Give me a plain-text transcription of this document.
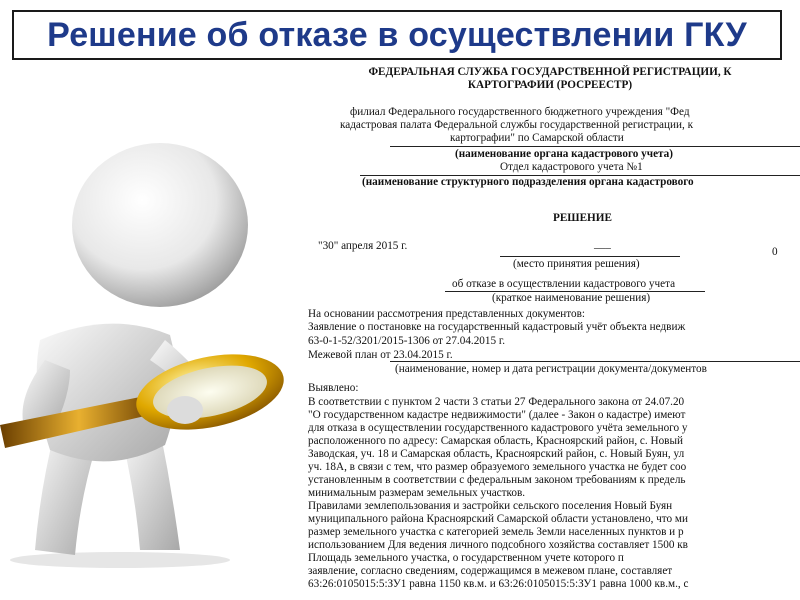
Решение об отказе в осуществлении ГКУ
ФЕДЕРАЛЬНАЯ СЛУЖБА ГОСУДАРСТВЕННОЙ РЕГИСТРАЦИИ, К
КАРТОГРАФИИ (РОСРЕЕСТР)
филиал Федерального государственного бюджетного учреждения "Фед
кадастровая палата Федеральной службы государственной регистрации, к
картографии" по Самарской области
(наименование органа кадастрового учета)
Отдел кадастрового учета №1
(наименование структурного подразделения органа кадастрового
РЕШЕНИЕ
"30" апреля 2015 г.	___
0
(место принятия решения)
об отказе в осуществлении кадастрового учета
(краткое наименование решения)
На основании рассмотрения представленных документов:
Заявление о постановке на государственный кадастровый учёт объекта недвиж
63-0-1-52/3201/2015-1306 от 27.04.2015 г.
Межевой план от 23.04.2015 г.
(наименование, номер и дата регистрации документа/документов
Выявлено:
В соответствии с пунктом 2 части 3 статьи 27 Федерального закона от 24.07.20
"О государственном кадастре недвижимости" (далее - Закон о кадастре) имеют
для отказа в осуществлении государственного кадастрового учёта земельного у
расположенного по адресу: Самарская область, Красноярский район, с. Новый
Заводская, уч. 18 и Самарская область, Красноярский район, с. Новый Буян, ул
уч. 18А, в связи с тем, что размер образуемого земельного участка не будет соо
установленным в соответствии с федеральным законом требованиям к предель
минимальным размерам земельных участков.
Правилами землепользования и застройки сельского поселения Новый Буян
муниципального района Красноярский Самарской области установлено, что ми
размер земельного участка с категорией земель Земли населенных пунктов и р
использованием Для ведения личного подсобного хозяйства составляет 1500 кв
Площадь земельного участка, о государственном учете которого п
заявление, согласно сведениям, содержащимся в межевом плане, составляет
63:26:0105015:5:ЗУ1 равна 1150 кв.м. и 63:26:0105015:5:ЗУ1 равна 1000 кв.м., с
